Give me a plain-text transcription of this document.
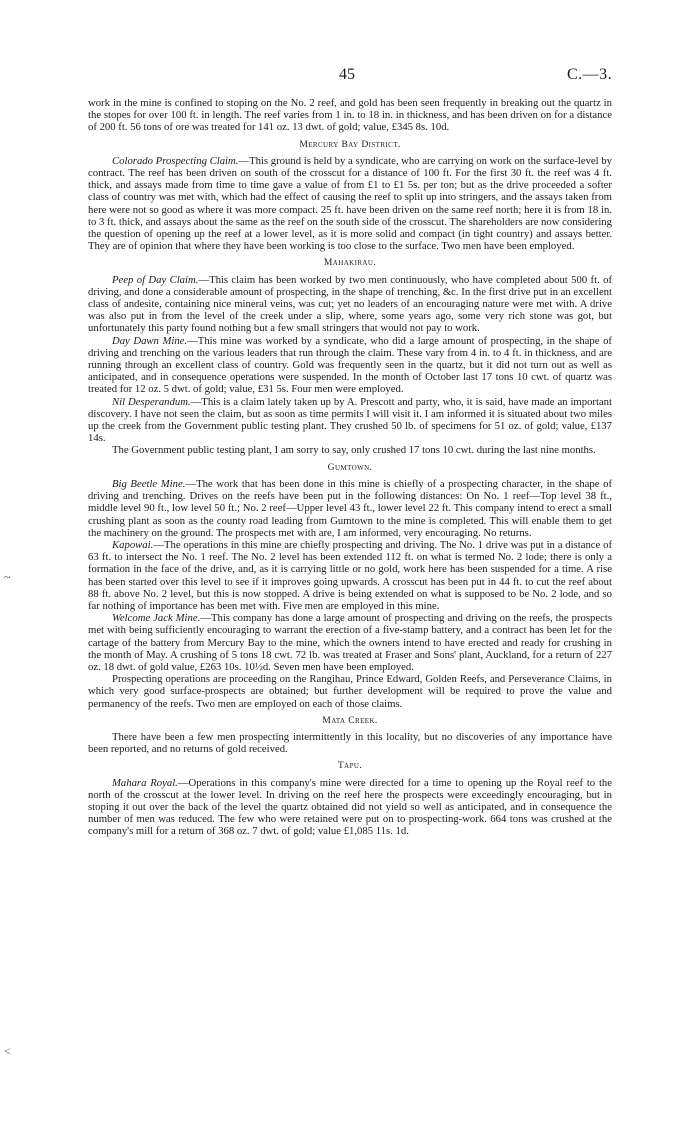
45	C.—3.

work in the mine is confined to stoping on the No. 2 reef, and gold has been seen frequently in breaking out the quartz in the stopes for over 100 ft. in length. The reef varies from 1 in. to 18 in. in thickness, and has been driven on for a distance of 200 ft. 56 tons of ore was treated for 141 oz. 13 dwt. of gold; value, £345 8s. 10d.

Mercury Bay District.

Colorado Prospecting Claim.—This ground is held by a syndicate, who are carrying on work on the surface-level by contract. The reef has been driven on south of the crosscut for a distance of 100 ft. For the first 30 ft. the reef was 4 ft. thick, and assays made from time to time gave a value of from £1 to £1 5s. per ton; but as the drive proceeded a softer class of country was met with, which had the effect of causing the reef to split up into stringers, and the assays taken from here were not so good as where it was more compact. 25 ft. have been driven on the same reef north; here it is from 18 in. to 3 ft. thick, and assays about the same as the reef on the south side of the crosscut. The shareholders are now considering the question of opening up the reef at a lower level, as it is more solid and compact (in tight country) and assays better. They are of opinion that where they have been working is too close to the surface. Two men have been employed.

Mahakirau.

Peep of Day Claim.—This claim has been worked by two men continuously, who have completed about 500 ft. of driving, and done a considerable amount of prospecting, in the shape of trenching, &c. In the first drive put in an excellent class of andesite, containing nice mineral veins, was cut; yet no leaders of an encouraging nature were met with. A drive was also put in from the level of the creek under a slip, where, some years ago, some very rich stone was got, but unfortunately this party found nothing but a few small stringers that would not pay to work.

Day Dawn Mine.—This mine was worked by a syndicate, who did a large amount of prospecting, in the shape of driving and trenching on the various leaders that run through the claim. These vary from 4 in. to 4 ft. in thickness, and are running through an excellent class of country. Gold was frequently seen in the quartz, but it did not turn out as well as anticipated, and in consequence operations were suspended. In the month of October last 17 tons 10 cwt. of quartz was treated for 12 oz. 5 dwt. of gold; value, £31 5s. Four men were employed.

Nil Desperandum.—This is a claim lately taken up by A. Prescott and party, who, it is said, have made an important discovery. I have not seen the claim, but as soon as time permits I will visit it. I am informed it is situated about two miles up the creek from the Government public testing plant. They crushed 50 lb. of specimens for 51 oz. of gold; value, £137 14s.

The Government public testing plant, I am sorry to say, only crushed 17 tons 10 cwt. during the last nine months.

Gumtown.

Big Beetle Mine.—The work that has been done in this mine is chiefly of a prospecting character, in the shape of driving and trenching. Drives on the reefs have been put in the following distances: On No. 1 reef—Top level 38 ft., middle level 90 ft., low level 50 ft.; No. 2 reef—Upper level 43 ft., lower level 22 ft. This company intend to erect a small crushing plant as soon as the county road leading from Gumtown to the mine is completed. This will enable them to get the machinery on the ground. The prospects met with are, I am informed, very encouraging. No returns.

Kapowai.—The operations in this mine are chiefly prospecting and driving. The No. 1 drive was put in a distance of 63 ft. to intersect the No. 1 reef. The No. 2 level has been extended 112 ft. on what is termed No. 2 lode; there is only a formation in the face of the drive, and, as it is carrying little or no gold, work here has been suspended for a time. A rise has been started over this level to see if it improves going upwards. A crosscut has been put in 44 ft. to cut the reef about 88 ft. above No. 2 level, but this is now stopped. A drive is being extended on what is supposed to be No. 2 lode, and so far nothing of importance has been met with. Five men are employed in this mine.

Welcome Jack Mine.—This company has done a large amount of prospecting and driving on the reefs, the prospects met with being sufficiently encouraging to warrant the erection of a five-stamp battery, and a contract has been let for the cartage of the battery from Mercury Bay to the mine, which the owners intend to have erected and ready for crushing in the month of May. A crushing of 5 tons 18 cwt. 72 lb. was treated at Fraser and Sons' plant, Auckland, for a return of 227 oz. 18 dwt. of gold value, £263 10s. 10½d. Seven men have been employed.

Prospecting operations are proceeding on the Rangihau, Prince Edward, Golden Reefs, and Perseverance Claims, in which very good surface-prospects are obtained; but further development will be required to prove the value and permanency of the reefs. Two men are employed on each of those claims.

Mata Creek.

There have been a few men prospecting intermittently in this locality, but no discoveries of any importance have been reported, and no returns of gold received.

Tapu.

Mahara Royal.—Operations in this company's mine were directed for a time to opening up the Royal reef to the north of the crosscut at the lower level. In driving on the reef here the prospects were exceedingly encouraging, but in stoping it out over the back of the level the quartz obtained did not yield so well as anticipated, and in consequence the number of men was reduced. The few who were retained were put on to prospecting-work. 664 tons was crushed at the company's mill for a return of 368 oz. 7 dwt. of gold; value £1,085 11s. 1d.

~
<
